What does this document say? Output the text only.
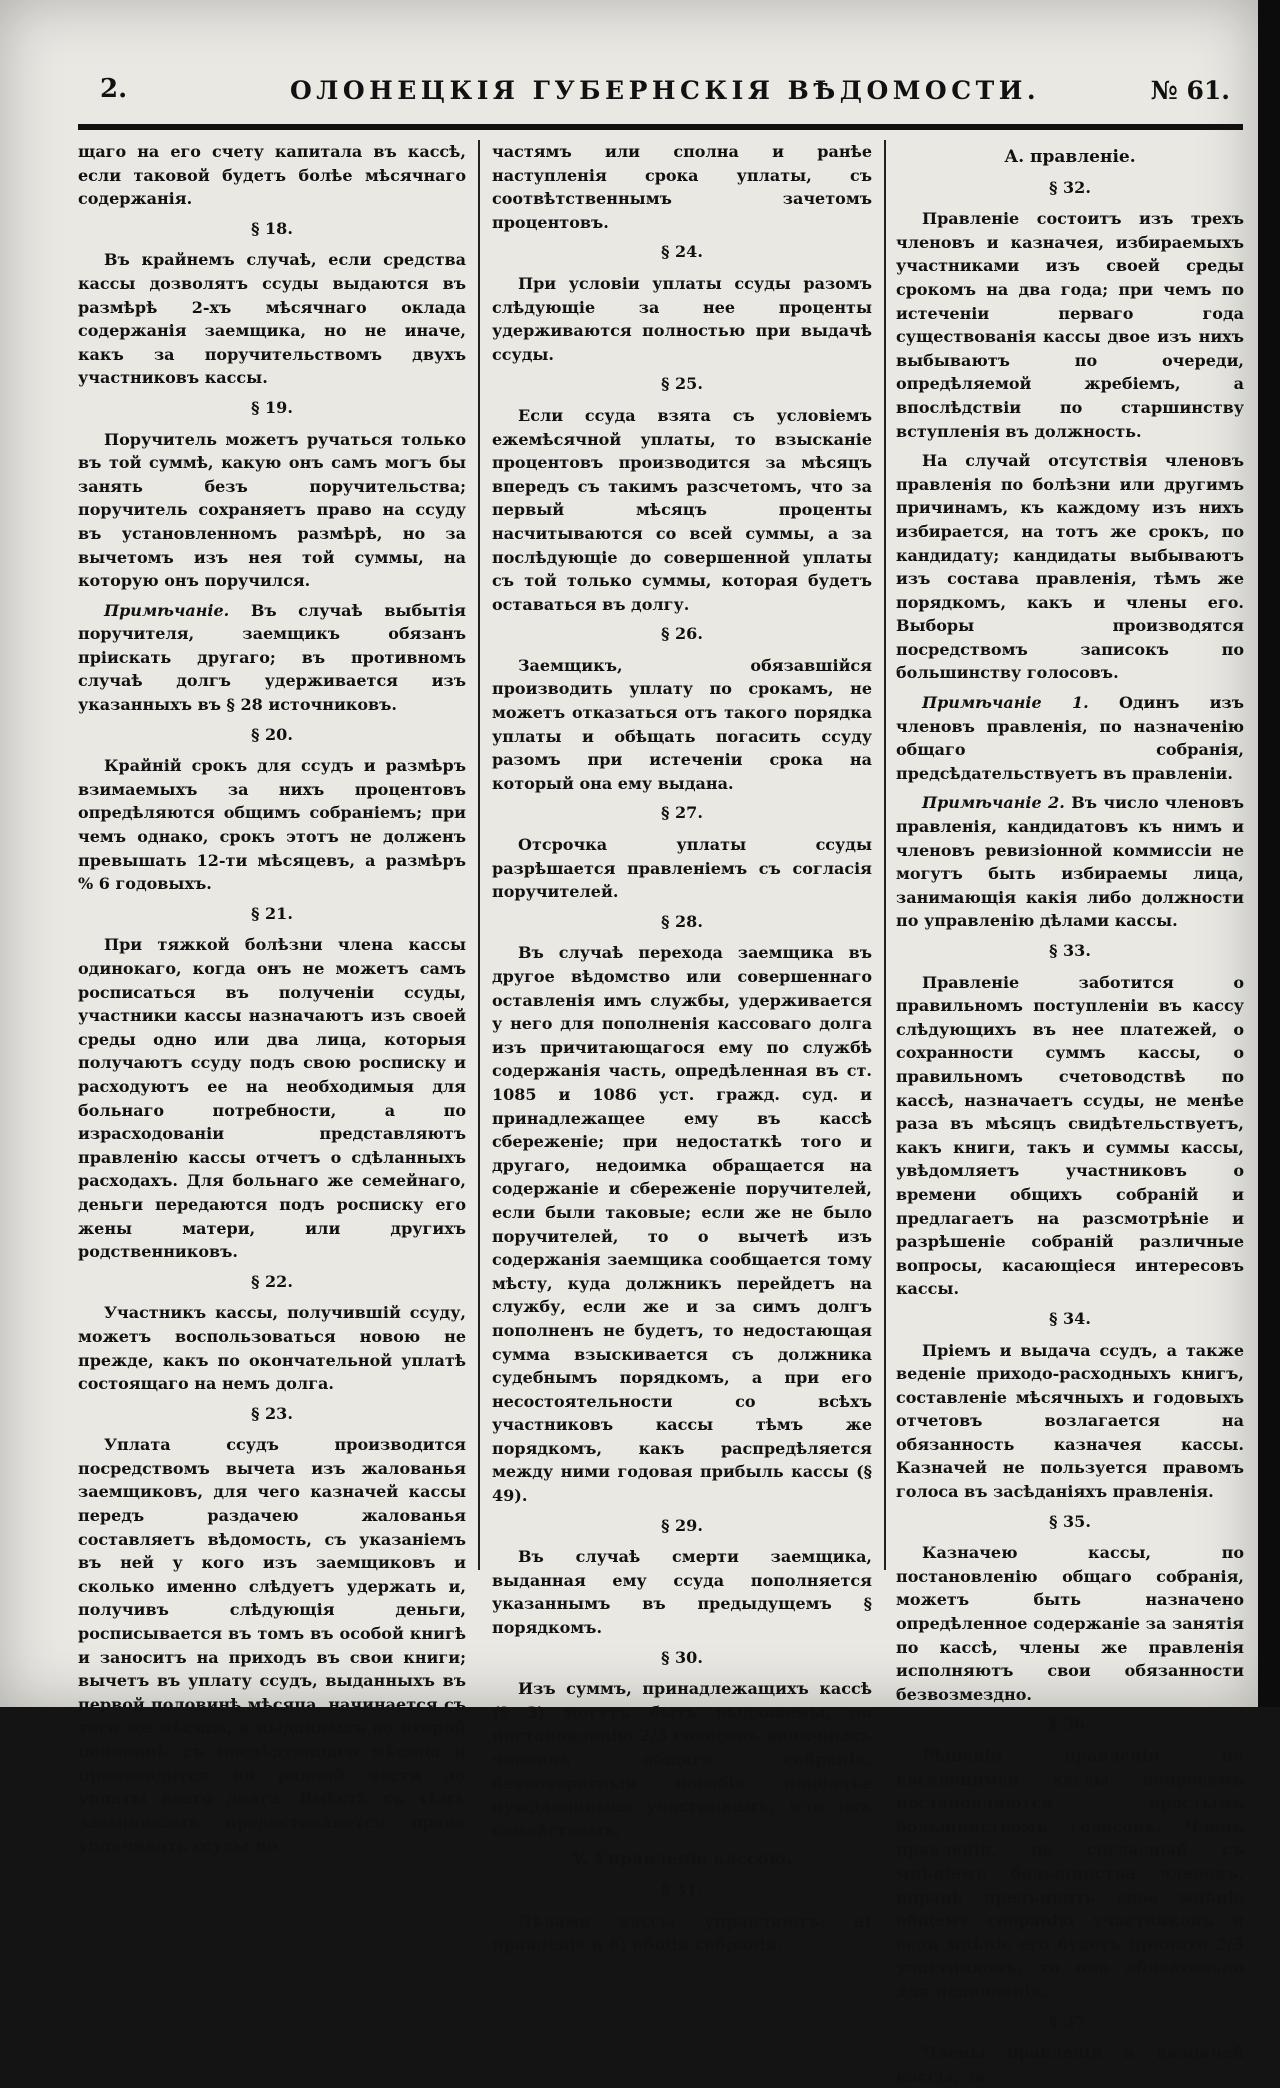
2.	ОЛОНЕЦКІЯ ГУБЕРНСКІЯ ВѢДОМОСТИ.	№ 61.

щаго на его счету капитала въ кассѣ, если таковой будетъ болѣе мѣсячнаго содержанія.

§ 18.

Въ крайнемъ случаѣ, если средства кассы дозволятъ ссуды выдаются въ размѣрѣ 2-хъ мѣсячнаго оклада содержанія заемщика, но не иначе, какъ за поручительствомъ двухъ участниковъ кассы.

§ 19.

Поручитель можетъ ручаться только въ той суммѣ, какую онъ самъ могъ бы занять безъ поручительства; поручитель сохраняетъ право на ссуду въ установленномъ размѣрѣ, но за вычетомъ изъ нея той суммы, на которую онъ поручился.

Примѣчаніе. Въ случаѣ выбытія поручителя, заемщикъ обязанъ пріискать другаго; въ противномъ случаѣ долгъ удерживается изъ указанныхъ въ § 28 источниковъ.

§ 20.

Крайній срокъ для ссудъ и размѣръ взимаемыхъ за нихъ процентовъ опредѣляются общимъ собраніемъ; при чемъ однако, срокъ этотъ не долженъ превышать 12-ти мѣсяцевъ, а размѣръ % 6 годовыхъ.

§ 21.

При тяжкой болѣзни члена кассы одинокаго, когда онъ не можетъ самъ росписаться въ полученіи ссуды, участники кассы назначаютъ изъ своей среды одно или два лица, которыя получаютъ ссуду подъ свою росписку и расходуютъ ее на необходимыя для больнаго потребности, а по израсходованіи представляютъ правленію кассы отчетъ о сдѣланныхъ расходахъ. Для больнаго же семейнаго, деньги передаются подъ росписку его жены матери, или другихъ родственниковъ.

§ 22.

Участникъ кассы, получившій ссуду, можетъ воспользоваться новою не прежде, какъ по окончательной уплатѣ состоящаго на немъ долга.

§ 23.

Уплата ссудъ производится посредствомъ вычета изъ жалованья заемщиковъ, для чего казначей кассы передъ раздачею жалованья составляетъ вѣдомость, съ указаніемъ въ ней у кого изъ заемщиковъ и сколько именно слѣдуетъ удержать и, получивъ слѣдующія деньги, росписывается въ томъ въ особой книгѣ и заноситъ на приходъ въ свои книги; вычетъ въ уплату ссудъ, выданныхъ въ первой половинѣ мѣсяца, начинается съ того же мѣсяца, а выданныхъ во второй половинѣ съ послѣдующаго мѣсяца и производится по равной части до уплаты всего долга. Вмѣстѣ съ тѣмъ заемщикамъ предоставляется право уплачивать ссуды по

частямъ или сполна и ранѣе наступленія срока уплаты, съ соотвѣтственнымъ зачетомъ процентовъ.

§ 24.

При условіи уплаты ссуды разомъ слѣдующіе за нее проценты удерживаются полностью при выдачѣ ссуды.

§ 25.

Если ссуда взята съ условіемъ ежемѣсячной уплаты, то взысканіе процентовъ производится за мѣсяцъ впередъ съ такимъ разсчетомъ, что за первый мѣсяцъ проценты насчитываются со всей суммы, а за послѣдующіе до совершенной уплаты съ той только суммы, которая будетъ оставаться въ долгу.

§ 26.

Заемщикъ, обязавшійся производить уплату по срокамъ, не можетъ отказаться отъ такого порядка уплаты и обѣщать погасить ссуду разомъ при истеченіи срока на который она ему выдана.

§ 27.

Отсрочка уплаты ссуды разрѣшается правленіемъ съ согласія поручителей.

§ 28.

Въ случаѣ перехода заемщика въ другое вѣдомство или совершеннаго оставленія имъ службы, удерживается у него для пополненія кассоваго долга изъ причитающагося ему по службѣ содержанія часть, опредѣленная въ ст. 1085 и 1086 уст. гражд. суд. и принадлежащее ему въ кассѣ сбереженіе; при недостаткѣ того и другаго, недоимка обращается на содержаніе и сбереженіе поручителей, если были таковые; если же не было поручителей, то о вычетѣ изъ содержанія заемщика сообщается тому мѣсту, куда должникъ перейдетъ на службу, если же и за симъ долгъ пополненъ не будетъ, то недостающая сумма взыскивается съ должника судебнымъ порядкомъ, а при его несостоятельности со всѣхъ участниковъ кассы тѣмъ же порядкомъ, какъ распредѣляется между ними годовая прибыль кассы (§ 49).

§ 29.

Въ случаѣ смерти заемщика, выданная ему ссуда пополняется указаннымъ въ предыдущемъ § порядкомъ.

§ 30.

Изъ суммъ, принадлежащихъ кассѣ (§ 3) могутъ быть выдаваемы, по постановленію 2/3 голосовъ наличныхъ членовъ общаго собранія, безвозвратныя пособія наиболѣе нуждающимся участникамъ, или ихъ семействамъ.

V. Управленіе кассою.
§ 31.

Дѣлами кассы управляютъ: а) правленіе и б) общія собранія.

А. правленіе.
§ 32.

Правленіе состоитъ изъ трехъ членовъ и казначея, избираемыхъ участниками изъ своей среды срокомъ на два года; при чемъ по истеченіи перваго года существованія кассы двое изъ нихъ выбываютъ по очереди, опредѣляемой жребіемъ, а впослѣдствіи по старшинству вступленія въ должность.

На случай отсутствія членовъ правленія по болѣзни или другимъ причинамъ, къ каждому изъ нихъ избирается, на тотъ же срокъ, по кандидату; кандидаты выбываютъ изъ состава правленія, тѣмъ же порядкомъ, какъ и члены его. Выборы производятся посредствомъ записокъ по большинству голосовъ.

Примѣчаніе 1. Одинъ изъ членовъ правленія, по назначенію общаго собранія, предсѣдательствуетъ въ правленіи.

Примѣчаніе 2. Въ число членовъ правленія, кандидатовъ къ нимъ и членовъ ревизіонной коммиссіи не могутъ быть избираемы лица, занимающія какія либо должности по управленію дѣлами кассы.

§ 33.

Правленіе заботится о правильномъ поступленіи въ кассу слѣдующихъ въ нее платежей, о сохранности суммъ кассы, о правильномъ счетоводствѣ по кассѣ, назначаетъ ссуды, не менѣе раза въ мѣсяцъ свидѣтельствуетъ, какъ книги, такъ и суммы кассы, увѣдомляетъ участниковъ о времени общихъ собраній и предлагаетъ на разсмотрѣніе и разрѣшеніе собраній различные вопросы, касающіеся интересовъ кассы.

§ 34.

Пріемъ и выдача ссудъ, а также веденіе приходо-расходныхъ книгъ, составленіе мѣсячныхъ и годовыхъ отчетовъ возлагается на обязанность казначея кассы. Казначей не пользуется правомъ голоса въ засѣданіяхъ правленія.

§ 35.

Казначею кассы, по постановленію общаго собранія, можетъ быть назначено опредѣленное содержаніе за занятія по кассѣ, члены же правленія исполняютъ свои обязанности безвозмездно.

§ 36.

Рѣшенія правленія по касающимся кассы вопросамъ постановляются простымъ большинствомъ голосовъ. Членъ правленія, не согласный съ мнѣніемъ большинства членовъ, вправѣ предъявить свое мнѣніе общему собранію участниковъ и если мнѣніе его будетъ принято 2/3 участниковъ, то оно обязательно для исполненія.

§ 37.

Члены правленія и казначей кассы, за
